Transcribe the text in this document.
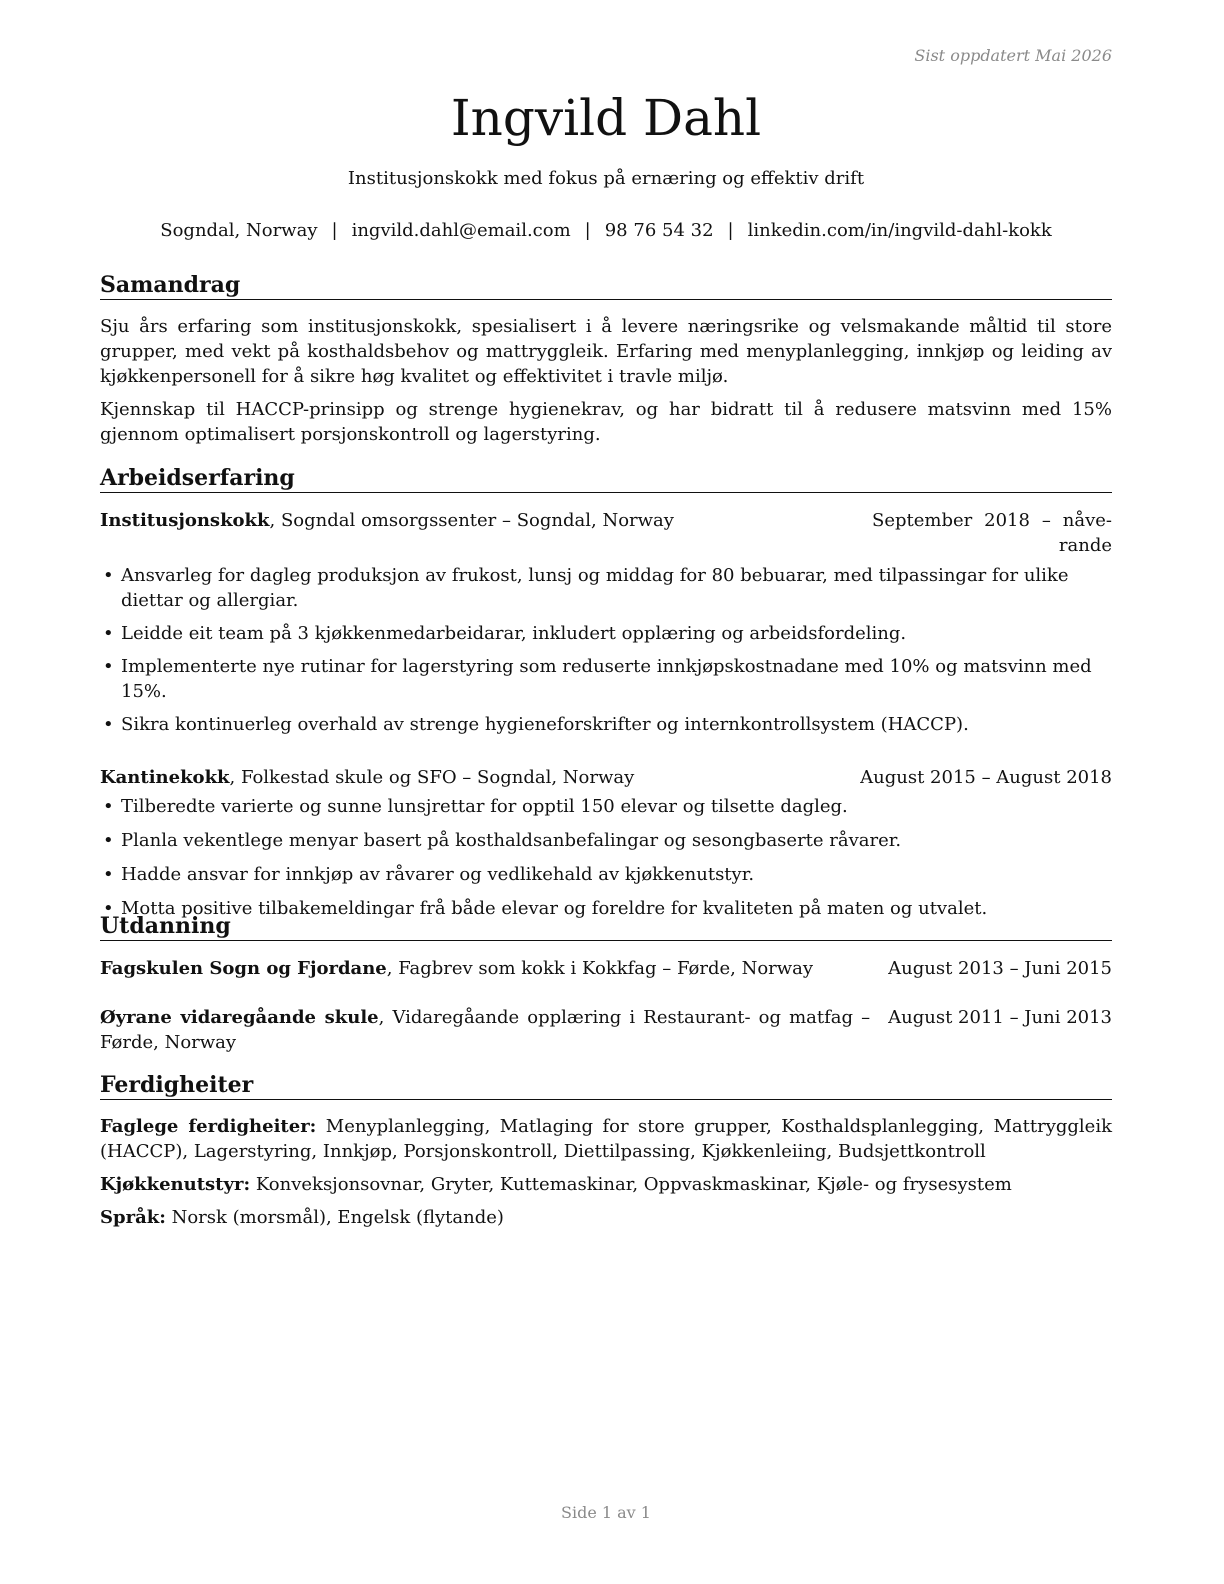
Sist oppdatert Mai 2026
Ingvild Dahl
Institusjonskokk med fokus på ernæring og effektiv drift
Sogndal, Norway | ingvild.dahl@email.com | 98 76 54 32 | linkedin.com/in/ingvild-dahl-kokk
Samandrag

Sju års erfaring som institusjonskokk, spesialisert i å levere næringsrike og velsmakande måltid til store grupper, med vekt på kosthaldsbehov og mattryggleik. Erfaring med menyplanlegging, innkjøp og leiding av kjøkkenpersonell for å sikre høg kvalitet og effektivitet i travle miljø.

Kjennskap til HACCP-prinsipp og strenge hygienekrav, og har bidratt til å redusere matsvinn med 15% gjennom optimalisert porsjonskontroll og lagerstyring.

Arbeidserfaring
Institusjonskokk, Sogndal omsorgssenter – Sogndal, Norway	September 2018 – nåve- rande
• Ansvarleg for dagleg produksjon av frukost, lunsj og middag for 80 bebuarar, med tilpassingar for ulike diettar og allergiar.
• Leidde eit team på 3 kjøkkenmedarbeidarar, inkludert opplæring og arbeidsfordeling.
• Implementerte nye rutinar for lagerstyring som reduserte innkjøpskostnadane med 10% og matsvinn med 15%.
• Sikra kontinuerleg overhald av strenge hygieneforskrifter og internkontrollsystem (HACCP).
Kantinekokk, Folkestad skule og SFO – Sogndal, Norway	August 2015 – August 2018
• Tilberedte varierte og sunne lunsjrettar for opptil 150 elevar og tilsette dagleg.
• Planla vekentlege menyar basert på kosthaldsanbefalingar og sesongbaserte råvarer.
• Hadde ansvar for innkjøp av råvarer og vedlikehald av kjøkkenutstyr.
• Motta positive tilbakemeldingar frå både elevar og foreldre for kvaliteten på maten og utvalet.
Utdanning
Fagskulen Sogn og Fjordane, Fagbrev som kokk i Kokkfag – Førde, Norway	August 2013 – Juni 2015
Øyrane vidaregåande skule, Vidaregåande opplæring i Restaurant- og matfag – Førde, Norway
August 2011 – Juni 2013
Ferdigheiter

Faglege ferdigheiter: Menyplanlegging, Matlaging for store grupper, Kosthaldsplanlegging, Mattryggleik (HACCP), Lagerstyring, Innkjøp, Porsjonskontroll, Diettilpassing, Kjøkkenleiing, Budsjettkontroll

Kjøkkenutstyr: Konveksjonsovnar, Gryter, Kuttemaskinar, Oppvaskmaskinar, Kjøle- og frysesystem

Språk: Norsk (morsmål), Engelsk (flytande)

Side 1 av 1
